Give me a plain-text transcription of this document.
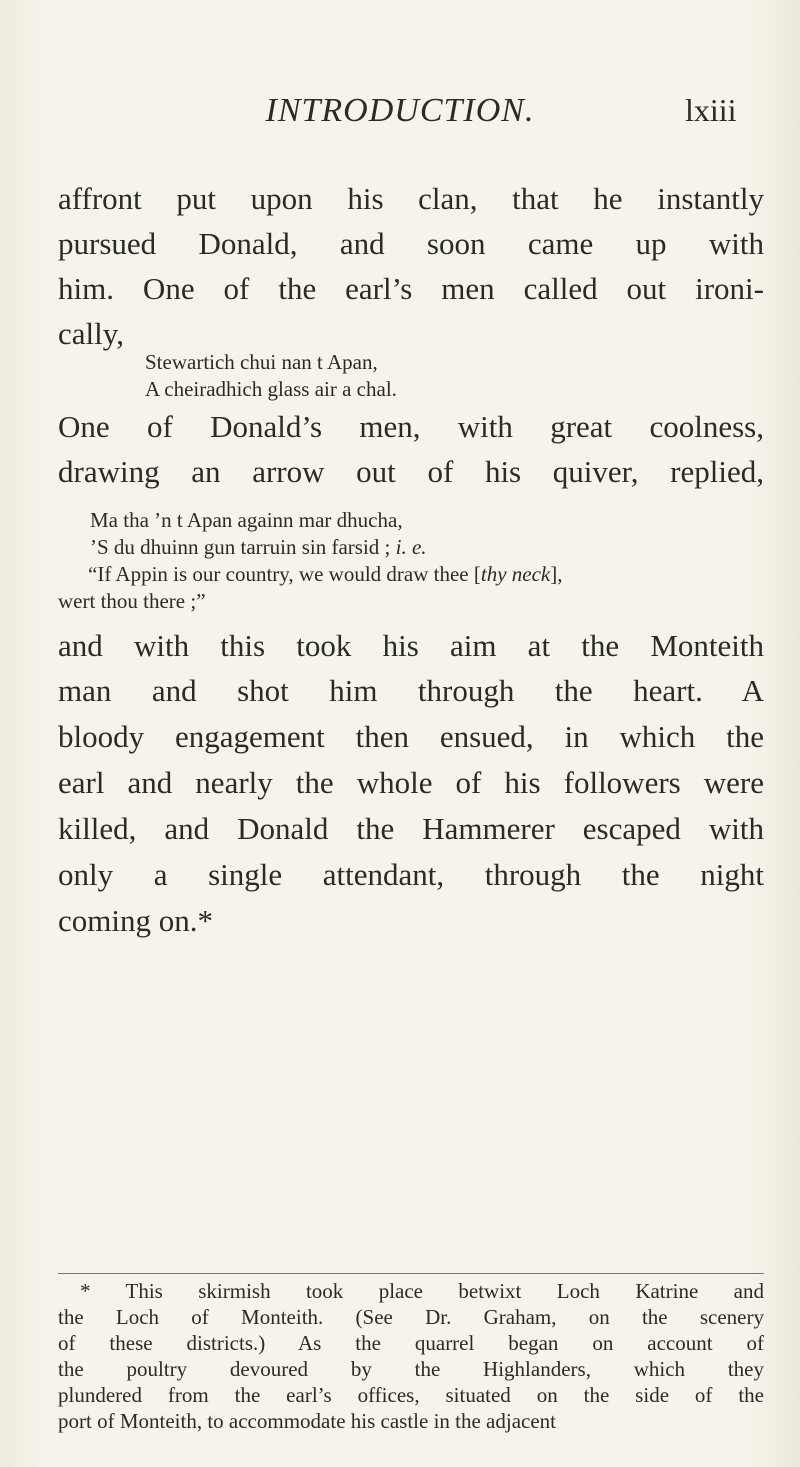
INTRODUCTION.	lxiii
affront put upon his clan, that he instantly
pursued Donald, and soon came up with
him. One of the earl’s men called out ironi-
cally,
Stewartich chui nan t Apan,
A cheiradhich glass air a chal.
One of Donald’s men, with great coolness,
drawing an arrow out of his quiver, replied,
Ma tha ’n t Apan againn mar dhucha,
’S du dhuinn gun tarruin sin farsid ; i. e.
“If Appin is our country, we would draw thee [thy neck],
wert thou there ;”
and with this took his aim at the Monteith
man and shot him through the heart. A
bloody engagement then ensued, in which the
earl and nearly the whole of his followers were
killed, and Donald the Hammerer escaped with
only a single attendant, through the night
coming on.*
* This skirmish took place betwixt Loch Katrine and
the Loch of Monteith. (See Dr. Graham, on the scenery
of these districts.) As the quarrel began on account of
the poultry devoured by the Highlanders, which they
plundered from the earl’s offices, situated on the side of the
port of Monteith, to accommodate his castle in the adjacent
